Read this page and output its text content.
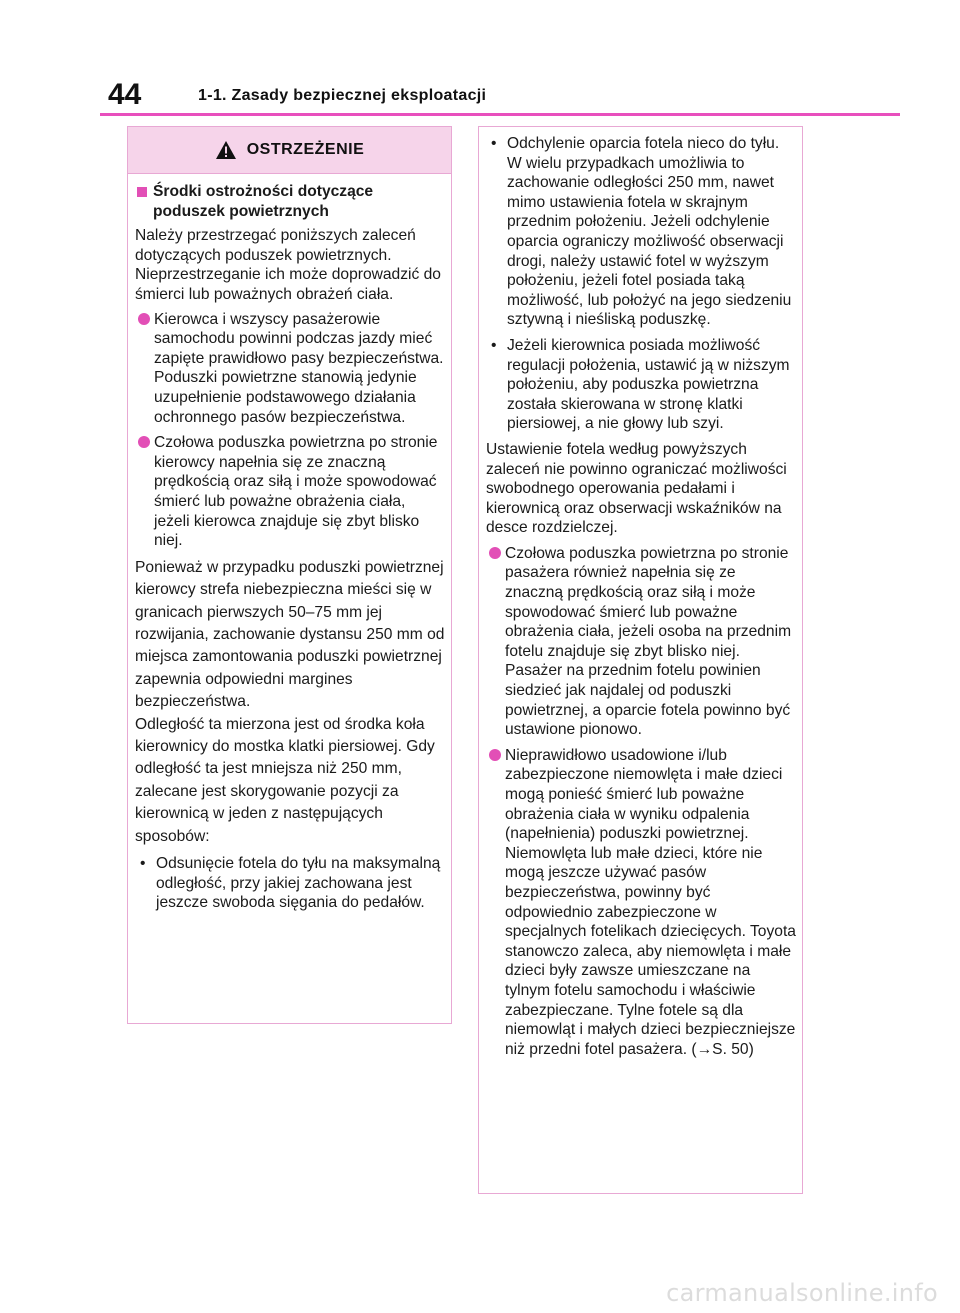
44	1-1. Zasady bezpiecznej eksploatacji
OSTRZEŻENIE
Środki ostrożności dotyczące poduszek powietrznych

Należy przestrzegać poniższych zaleceń dotyczących poduszek powietrznych.

Nieprzestrzeganie ich może doprowadzić do śmierci lub poważnych obrażeń ciała.

Kierowca i wszyscy pasażerowie samochodu powinni podczas jazdy mieć zapięte prawidłowo pasy bezpieczeństwa.
Poduszki powietrzne stanowią jedynie uzupełnienie podstawowego działania ochronnego pasów bezpieczeństwa.
Czołowa poduszka powietrzna po stronie kierowcy napełnia się ze znaczną prędkością oraz siłą i może spowodować śmierć lub poważne obrażenia ciała, jeżeli kierowca znajduje się zbyt blisko niej.

Ponieważ w przypadku poduszki powietrznej kierowcy strefa niebezpieczna mieści się w granicach pierwszych 50–75 mm jej rozwijania, zachowanie dystansu 250 mm od miejsca zamontowania poduszki powietrznej zapewnia odpowiedni margines bezpieczeństwa.

Odległość ta mierzona jest od środka koła kierownicy do mostka klatki piersiowej. Gdy odległość ta jest mniejsza niż 250 mm, zalecane jest skorygowanie pozycji za kierownicą w jeden z następujących sposobów:

• Odsunięcie fotela do tyłu na maksymalną odległość, przy jakiej zachowana jest jeszcze swoboda sięgania do pedałów.
• Odchylenie oparcia fotela nieco do tyłu.
W wielu przypadkach umożliwia to zachowanie odległości 250 mm, nawet mimo ustawienia fotela w skrajnym przednim położeniu. Jeżeli odchylenie oparcia ograniczy możliwość obserwacji drogi, należy ustawić fotel w wyższym położeniu, jeżeli fotel posiada taką możliwość, lub położyć na jego siedzeniu sztywną i nieśliską poduszkę.
• Jeżeli kierownica posiada możliwość regulacji położenia, ustawić ją w niższym położeniu, aby poduszka powietrzna została skierowana w stronę klatki piersiowej, a nie głowy lub szyi.

Ustawienie fotela według powyższych zaleceń nie powinno ograniczać możliwości swobodnego operowania pedałami i kierownicą oraz obserwacji wskaźników na desce rozdzielczej.

Czołowa poduszka powietrzna po stronie pasażera również napełnia się ze znaczną prędkością oraz siłą i może spowodować śmierć lub poważne obrażenia ciała, jeżeli osoba na przednim fotelu znajduje się zbyt blisko niej. Pasażer na przednim fotelu powinien siedzieć jak najdalej od poduszki powietrznej, a oparcie fotela powinno być ustawione pionowo.
Nieprawidłowo usadowione i/lub zabezpieczone niemowlęta i małe dzieci mogą ponieść śmierć lub poważne obrażenia ciała w wyniku odpalenia (napełnienia) poduszki powietrznej. Niemowlęta lub małe dzieci, które nie mogą jeszcze używać pasów bezpieczeństwa, powinny być odpowiednio zabezpieczone w specjalnych fotelikach dziecięcych. Toyota stanowczo zaleca, aby niemowlęta i małe dzieci były zawsze umieszczane na tylnym fotelu samochodu i właściwie zabezpieczane. Tylne fotele są dla niemowląt i małych dzieci bezpieczniejsze niż przedni fotel pasażera. (→S. 50)
carmanualsonline.info
